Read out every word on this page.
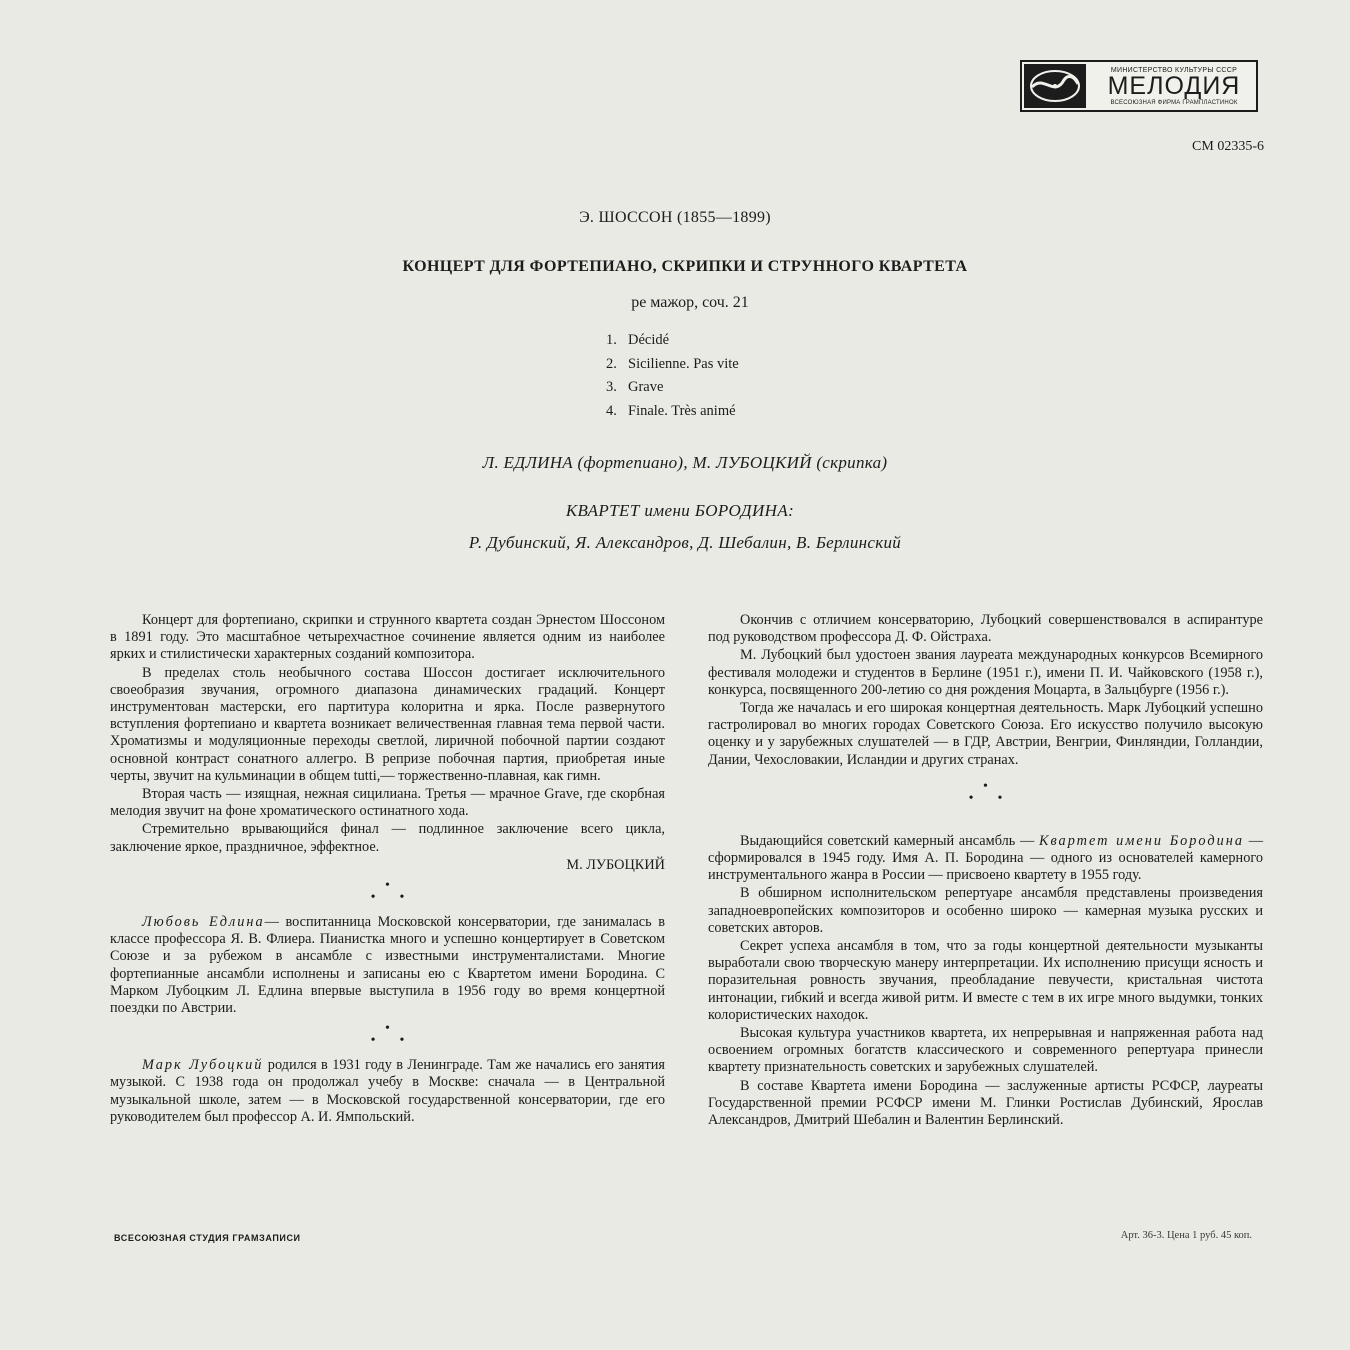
МИНИСТЕРСТВО КУЛЬТУРЫ СССР
МЕЛОДИЯ
ВСЕСОЮЗНАЯ ФИРМА ГРАМПЛАСТИНОК
СМ 02335-6
Э. ШОССОН (1855—1899)
КОНЦЕРТ ДЛЯ ФОРТЕПИАНО, СКРИПКИ И СТРУННОГО КВАРТЕТА
ре мажор, соч. 21
1. Décidé
2. Sicilienne. Pas vite
3. Grave
4. Finale. Très animé
Л. ЕДЛИНА (фортепиано), М. ЛУБОЦКИЙ (скрипка)
КВАРТЕТ имени БОРОДИНА:
Р. Дубинский, Я. Александров, Д. Шебалин, В. Берлинский

Концерт для фортепиано, скрипки и струнного квартета создан Эрнестом Шоссоном в 1891 году. Это масштабное четырехчастное сочинение является одним из наиболее ярких и стилистически характерных созданий композитора.

В пределах столь необычного состава Шоссон достигает исключительного своеобразия звучания, огромного диапазона динамических градаций. Концерт инструментован мастерски, его партитура колоритна и ярка. После развернутого вступления фортепиано и квартета возникает величественная главная тема первой части. Хроматизмы и модуляционные переходы светлой, лиричной побочной партии создают основной контраст сонатного аллегро. В репризе побочная партия, приобретая иные черты, звучит на кульминации в общем tutti,— торжественно-плавная, как гимн.

Вторая часть — изящная, нежная сицилиана. Третья — мрачное Grave, где скорбная мелодия звучит на фоне хроматического остинатного хода.

Стремительно врывающийся финал — подлинное заключение всего цикла, заключение яркое, праздничное, эффектное.

М. ЛУБОЦКИЙ

•
••

Любовь Едлина— воспитанница Московской консерватории, где занималась в классе профессора Я. В. Флиера. Пианистка много и успешно концертирует в Советском Союзе и за рубежом в ансамбле с известными инструменталистами. Многие фортепианные ансамбли исполнены и записаны ею с Квартетом имени Бородина. С Марком Лубоцким Л. Едлина впервые выступила в 1956 году во время концертной поездки по Австрии.

•
••

Марк Лубоцкий родился в 1931 году в Ленинграде. Там же начались его занятия музыкой. С 1938 года он продолжал учебу в Москве: сначала — в Центральной музыкальной школе, затем — в Московской государственной консерватории, где его руководителем был профессор А. И. Ямпольский.

Окончив с отличием консерваторию, Лубоцкий совершенствовался в аспирантуре под руководством профессора Д. Ф. Ойстраха.

М. Лубоцкий был удостоен звания лауреата международных конкурсов Всемирного фестиваля молодежи и студентов в Берлине (1951 г.), имени П. И. Чайковского (1958 г.), конкурса, посвященного 200-летию со дня рождения Моцарта, в Зальцбурге (1956 г.).

Тогда же началась и его широкая концертная деятельность. Марк Лубоцкий успешно гастролировал во многих городах Советского Союза. Его искусство получило высокую оценку и у зарубежных слушателей — в ГДР, Австрии, Венгрии, Финляндии, Голландии, Дании, Чехословакии, Исландии и других странах.

•
••

Выдающийся советский камерный ансамбль — Квартет имени Бородина — сформировался в 1945 году. Имя А. П. Бородина — одного из основателей камерного инструментального жанра в России — присвоено квартету в 1955 году.

В обширном исполнительском репертуаре ансамбля представлены произведения западноевропейских композиторов и особенно широко — камерная музыка русских и советских авторов.

Секрет успеха ансамбля в том, что за годы концертной деятельности музыканты выработали свою творческую манеру интерпретации. Их исполнению присущи ясность и поразительная ровность звучания, преобладание певучести, кристальная чистота интонации, гибкий и всегда живой ритм. И вместе с тем в их игре много выдумки, тонких колористических находок.

Высокая культура участников квартета, их непрерывная и напряженная работа над освоением огромных богатств классического и современного репертуара принесли квартету признательность советских и зарубежных слушателей.

В составе Квартета имени Бородина — заслуженные артисты РСФСР, лауреаты Государственной премии РСФСР имени М. Глинки Ростислав Дубинский, Ярослав Александров, Дмитрий Шебалин и Валентин Берлинский.

ВСЕСОЮЗНАЯ СТУДИЯ ГРАМЗАПИСИ	Арт. 36-3. Цена 1 руб. 45 коп.
